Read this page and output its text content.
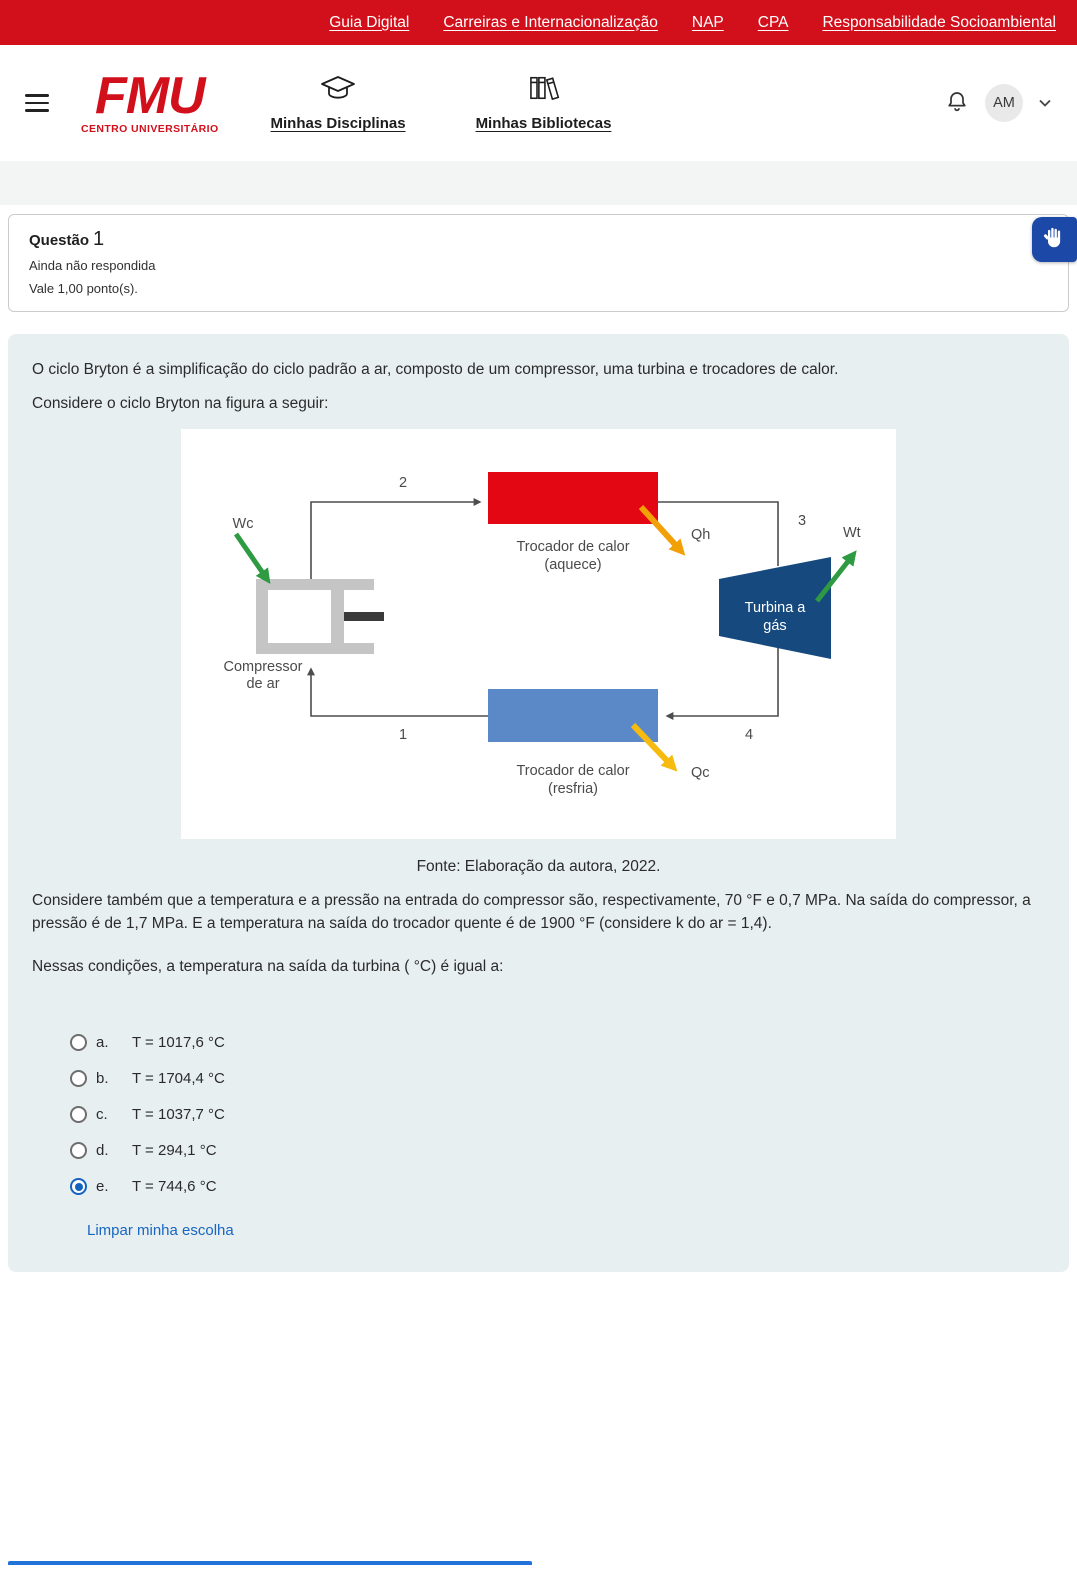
Guia Digital Carreiras e Internacionalização NAP CPA Responsabilidade Socioambiental
FMU
CENTRO UNIVERSITÁRIO	Minhas Disciplinas	Minhas Bibliotecas
AM
Questão 1
Ainda não respondida
Vale 1,00 ponto(s).

O ciclo Bryton é a simplificação do ciclo padrão a ar, composto de um compressor, uma turbina e trocadores de calor.

Considere o ciclo Bryton na figura a seguir:

2
Wc
Qh
3
Wt
Trocador de calor
(aquece)
Turbina a
gás
Compressor
de ar
1	4
Trocador de calor
(resfria)
Qc

Fonte: Elaboração da autora, 2022.

Considere também que a temperatura e a pressão na entrada do compressor são, respectivamente, 70 °F e 0,7 MPa. Na saída do compressor, a pressão é de 1,7 MPa. E a temperatura na saída do trocador quente é de 1900 °F (considere k do ar = 1,4).

Nessas condições, a temperatura na saída da turbina ( °C) é igual a:

a.	T = 1017,6 °C
b.	T = 1704,4 °C
c.	T = 1037,7 °C
d.	T = 294,1 °C
e.	T = 744,6 °C
Limpar minha escolha
